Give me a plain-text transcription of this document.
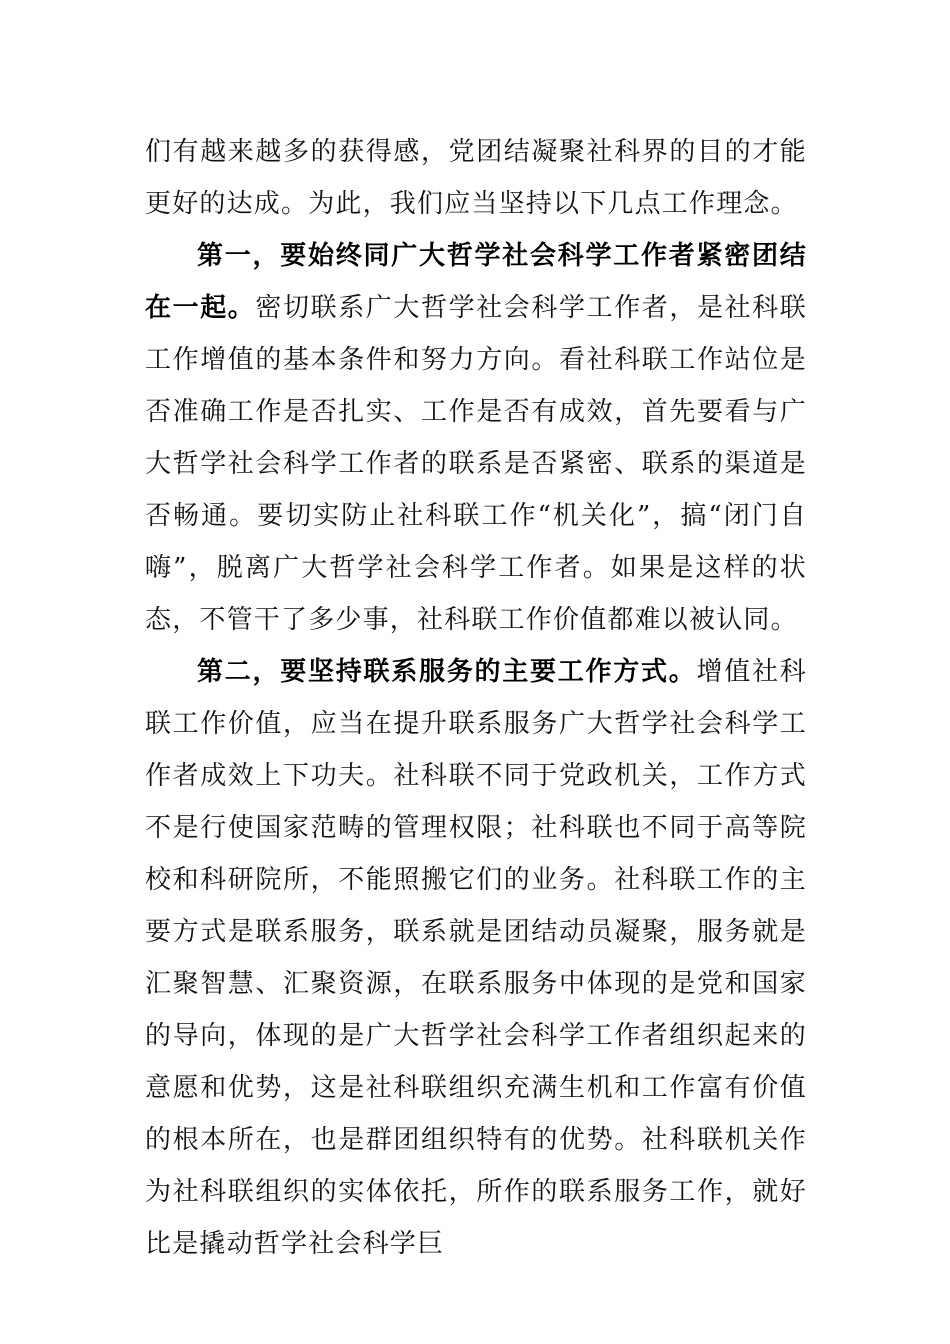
们有越来越多的获得感，党团结凝聚社科界的目的才能更好的达成。为此，我们应当坚持以下几点工作理念。

第一，要始终同广大哲学社会科学工作者紧密团结在一起。密切联系广大哲学社会科学工作者，是社科联工作增值的基本条件和努力方向。看社科联工作站位是否准确工作是否扎实、工作是否有成效，首先要看与广大哲学社会科学工作者的联系是否紧密、联系的渠道是否畅通。要切实防止社科联工作“机关化”，搞“闭门自嗨”，脱离广大哲学社会科学工作者。如果是这样的状态，不管干了多少事，社科联工作价值都难以被认同。

第二，要坚持联系服务的主要工作方式。增值社科联工作价值，应当在提升联系服务广大哲学社会科学工作者成效上下功夫。社科联不同于党政机关，工作方式不是行使国家范畴的管理权限；社科联也不同于高等院校和科研院所，不能照搬它们的业务。社科联工作的主要方式是联系服务，联系就是团结动员凝聚，服务就是汇聚智慧、汇聚资源，在联系服务中体现的是党和国家的导向，体现的是广大哲学社会科学工作者组织起来的意愿和优势，这是社科联组织充满生机和工作富有价值的根本所在，也是群团组织特有的优势。社科联机关作为社科联组织的实体依托，所作的联系服务工作，就好比是撬动哲学社会科学巨
